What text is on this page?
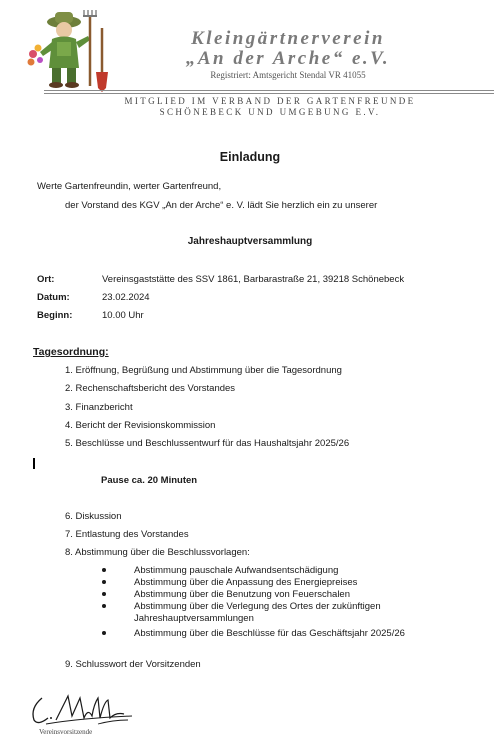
Kleingärtnerverein
„An der Arche“ e.V.
Registriert: Amtsgericht Stendal VR 41055
MITGLIED IM VERBAND DER GARTENFREUNDE
SCHÖNEBECK UND UMGEBUNG E.V.
Einladung
Werte Gartenfreundin, werter Gartenfreund,
der Vorstand des KGV „An der Arche“ e. V. lädt Sie herzlich ein zu unserer
Jahreshauptversammlung
Ort:	Vereinsgaststätte des SSV 1861, Barbarastraße 21, 39218 Schönebeck
Datum:	23.02.2024
Beginn:	10.00 Uhr
Tagesordnung:
1. Eröffnung, Begrüßung und Abstimmung über die Tagesordnung
2. Rechenschaftsbericht des Vorstandes
3. Finanzbericht
4. Bericht der Revisionskommission
5. Beschlüsse und Beschlussentwurf für das Haushaltsjahr 2025/26
Pause ca. 20 Minuten
6. Diskussion
7. Entlastung des Vorstandes
8. Abstimmung über die Beschlussvorlagen:
Abstimmung pauschale Aufwandsentschädigung
Abstimmung über die Anpassung des Energiepreises
Abstimmung über die Benutzung von Feuerschalen
Abstimmung über die Verlegung des Ortes der zukünftigen
Jahreshauptversammlungen
Abstimmung über die Beschlüsse für das Geschäftsjahr 2025/26
9. Schlusswort der Vorsitzenden
Vereinsvorsitzende
